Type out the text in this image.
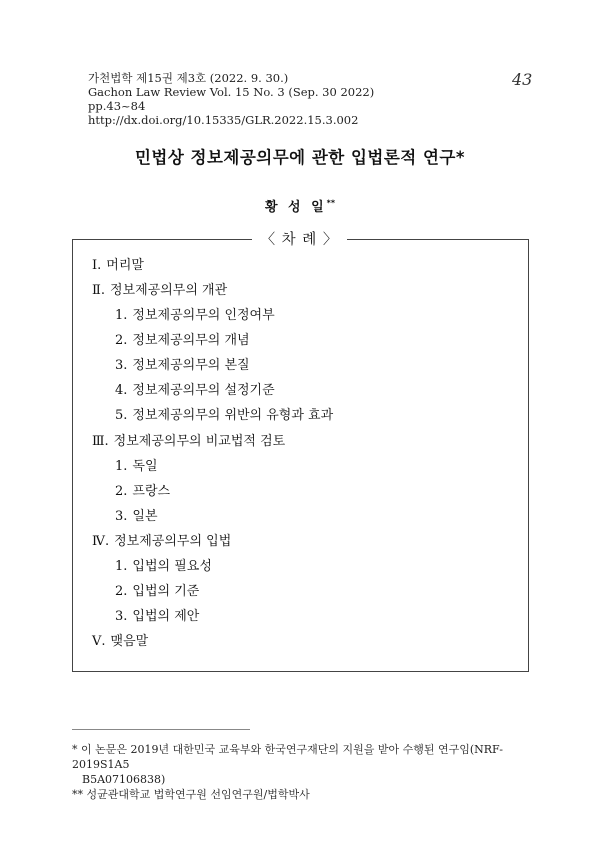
가천법학 제15권 제3호 (2022. 9. 30.)
Gachon Law Review Vol. 15 No. 3 (Sep. 30 2022)
pp.43~84
http://dx.doi.org/10.15335/GLR.2022.15.3.002
43
민법상 정보제공의무에 관한 입법론적 연구*
황 성 일**
〈 차 례 〉
Ⅰ. 머리말
Ⅱ. 정보제공의무의 개관
1. 정보제공의무의 인정여부
2. 정보제공의무의 개념
3. 정보제공의무의 본질
4. 정보제공의무의 설정기준
5. 정보제공의무의 위반의 유형과 효과
Ⅲ. 정보제공의무의 비교법적 검토
1. 독일
2. 프랑스
3. 일본
Ⅳ. 정보제공의무의 입법
1. 입법의 필요성
2. 입법의 기준
3. 입법의 제안
Ⅴ. 맺음말
* 이 논문은 2019년 대한민국 교육부와 한국연구재단의 지원을 받아 수행된 연구임(NRF-2019S1A5
B5A07106838)
** 성균관대학교 법학연구원 선임연구원/법학박사
